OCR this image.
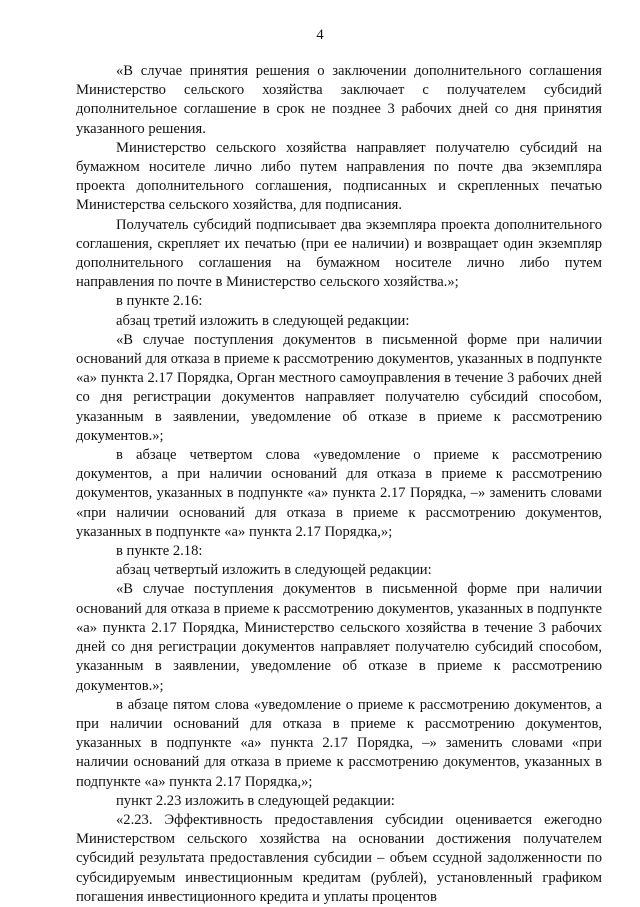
4

«В случае принятия решения о заключении дополнительного соглашения Министерство сельского хозяйства заключает с получателем субсидий дополнительное соглашение в срок не позднее 3 рабочих дней со дня принятия указанного решения.

Министерство сельского хозяйства направляет получателю субсидий на бумажном носителе лично либо путем направления по почте два экземпляра проекта дополнительного соглашения, подписанных и скрепленных печатью Министерства сельского хозяйства, для подписания.

Получатель субсидий подписывает два экземпляра проекта дополнительного соглашения, скрепляет их печатью (при ее наличии) и возвращает один экземпляр дополнительного соглашения на бумажном носителе лично либо путем направления по почте в Министерство сельского хозяйства.»;

в пункте 2.16:

абзац третий изложить в следующей редакции:

«В случае поступления документов в письменной форме при наличии оснований для отказа в приеме к рассмотрению документов, указанных в подпункте «а» пункта 2.17 Порядка, Орган местного самоуправления в течение 3 рабочих дней со дня регистрации документов направляет получателю субсидий способом, указанным в заявлении, уведомление об отказе в приеме к рассмотрению документов.»;

в абзаце четвертом слова «уведомление о приеме к рассмотрению документов, а при наличии оснований для отказа в приеме к рассмотрению документов, указанных в подпункте «а» пункта 2.17 Порядка, –» заменить словами «при наличии оснований для отказа в приеме к рассмотрению документов, указанных в подпункте «а» пункта 2.17 Порядка,»;

в пункте 2.18:

абзац четвертый изложить в следующей редакции:

«В случае поступления документов в письменной форме при наличии оснований для отказа в приеме к рассмотрению документов, указанных в подпункте «а» пункта 2.17 Порядка, Министерство сельского хозяйства в течение 3 рабочих дней со дня регистрации документов направляет получателю субсидий способом, указанным в заявлении, уведомление об отказе в приеме к рассмотрению документов.»;

в абзаце пятом слова «уведомление о приеме к рассмотрению документов, а при наличии оснований для отказа в приеме к рассмотрению документов, указанных в подпункте «а» пункта 2.17 Порядка, –» заменить словами «при наличии оснований для отказа в приеме к рассмотрению документов, указанных в подпункте «а» пункта 2.17 Порядка,»;

пункт 2.23 изложить в следующей редакции:

«2.23. Эффективность предоставления субсидии оценивается ежегодно Министерством сельского хозяйства на основании достижения получателем субсидий результата предоставления субсидии – объем ссудной задолженности по субсидируемым инвестиционным кредитам (рублей), установленный графиком погашения инвестиционного кредита и уплаты процентов
